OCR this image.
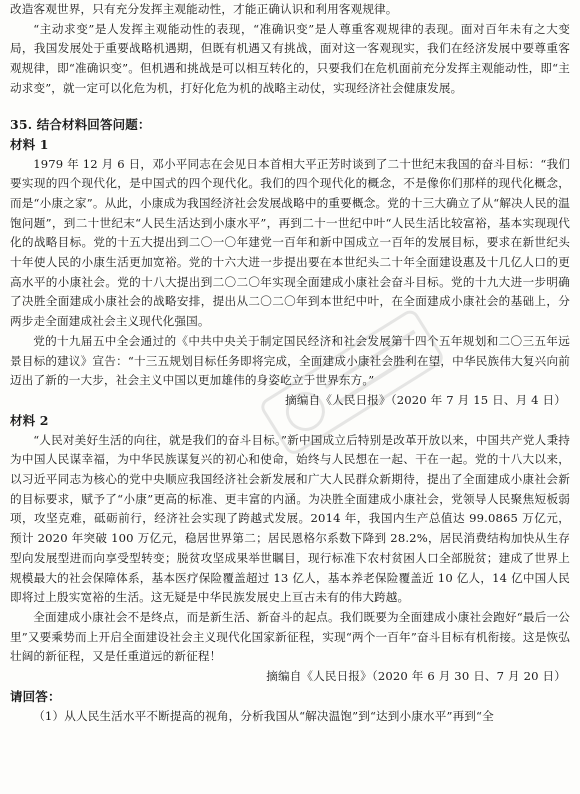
改造客观世界，只有充分发挥主观能动性，才能正确认识和利用客观规律。

“主动求变”是人发挥主观能动性的表现，“准确识变”是人尊重客观规律的表现。面对百年未有之大变局，我国发展处于重要战略机遇期，但既有机遇又有挑战，面对这一客观现实，我们在经济发展中要尊重客观规律，即“准确识变”。但机遇和挑战是可以相互转化的，只要我们在危机面前充分发挥主观能动性，即“主动求变”，就一定可以化危为机，打好化危为机的战略主动仗，实现经济社会健康发展。

35. 结合材料回答问题：

材料 1

1979 年 12 月 6 日，邓小平同志在会见日本首相大平正芳时谈到了二十世纪末我国的奋斗目标：“我们要实现的四个现代化，是中国式的四个现代化。我们的四个现代化的概念，不是像你们那样的现代化概念，而是“小康之家”。从此，小康成为我国经济社会发展战略中的重要概念。党的十三大确立了从“解决人民的温饱问题”，到二十世纪末“人民生活达到小康水平”，再到二十一世纪中叶“人民生活比较富裕，基本实现现代化的战略目标。党的十五大提出到二〇一〇年建党一百年和新中国成立一百年的发展目标，要求在新世纪头十年使人民的小康生活更加宽裕。党的十六大进一步提出要在本世纪头二十年全面建设惠及十几亿人口的更高水平的小康社会。党的十八大提出到二〇二〇年实现全面建成小康社会奋斗目标。党的十九大进一步明确了决胜全面建成小康社会的战略安排，提出从二〇二〇年到本世纪中叶，在全面建成小康社会的基础上，分两步走全面建成社会主义现代化强国。

党的十九届五中全会通过的《中共中央关于制定国民经济和社会发展第十四个五年规划和二〇三五年远景目标的建议》宣告：“十三五规划目标任务即将完成，全面建成小康社会胜利在望，中华民族伟大复兴向前迈出了新的一大步，社会主义中国以更加雄伟的身姿屹立于世界东方。”

摘编自《人民日报》（2020 年 7 月 15 日、月 4 日）

材料 2

“人民对美好生活的向往，就是我们的奋斗目标。”新中国成立后特别是改革开放以来，中国共产党人秉持为中国人民谋幸福，为中华民族谋复兴的初心和使命，始终与人民想在一起、干在一起。党的十八大以来，以习近平同志为核心的党中央顺应我国经济社会新发展和广大人民群众新期待，提出了全面建成小康社会新的目标要求，赋予了“小康”更高的标准、更丰富的内涵。为决胜全面建成小康社会，党领导人民聚焦短板弱项，攻坚克难，砥砺前行，经济社会实现了跨越式发展。2014 年，我国内生产总值达 99.0865 万亿元，预计 2020 年突破 100 万亿元，稳居世界第二；居民恩格尔系数下降到 28.2%，居民消费结构加快从生存型向发展型进而向享受型转变；脱贫攻坚成果举世瞩目，现行标准下农村贫困人口全部脱贫；建成了世界上规模最大的社会保障体系，基本医疗保险覆盖超过 13 亿人，基本养老保险覆盖近 10 亿人，14 亿中国人民即将过上殷实宽裕的生活。这无疑是中华民族发展史上亘古未有的伟大跨越。

全面建成小康社会不是终点，而是新生活、新奋斗的起点。我们既要为全面建成小康社会跑好“最后一公里”又要乘势而上开启全面建设社会主义现代化国家新征程，实现“两个一百年”奋斗目标有机衔接。这是恢弘壮阔的新征程，又是任重道远的新征程！

摘编自《人民日报》（2020 年 6 月 30 日、7 月 20 日）

请回答：

（1）从人民生活水平不断提高的视角，分析我国从“解决温饱”到“达到小康水平”再到“全
